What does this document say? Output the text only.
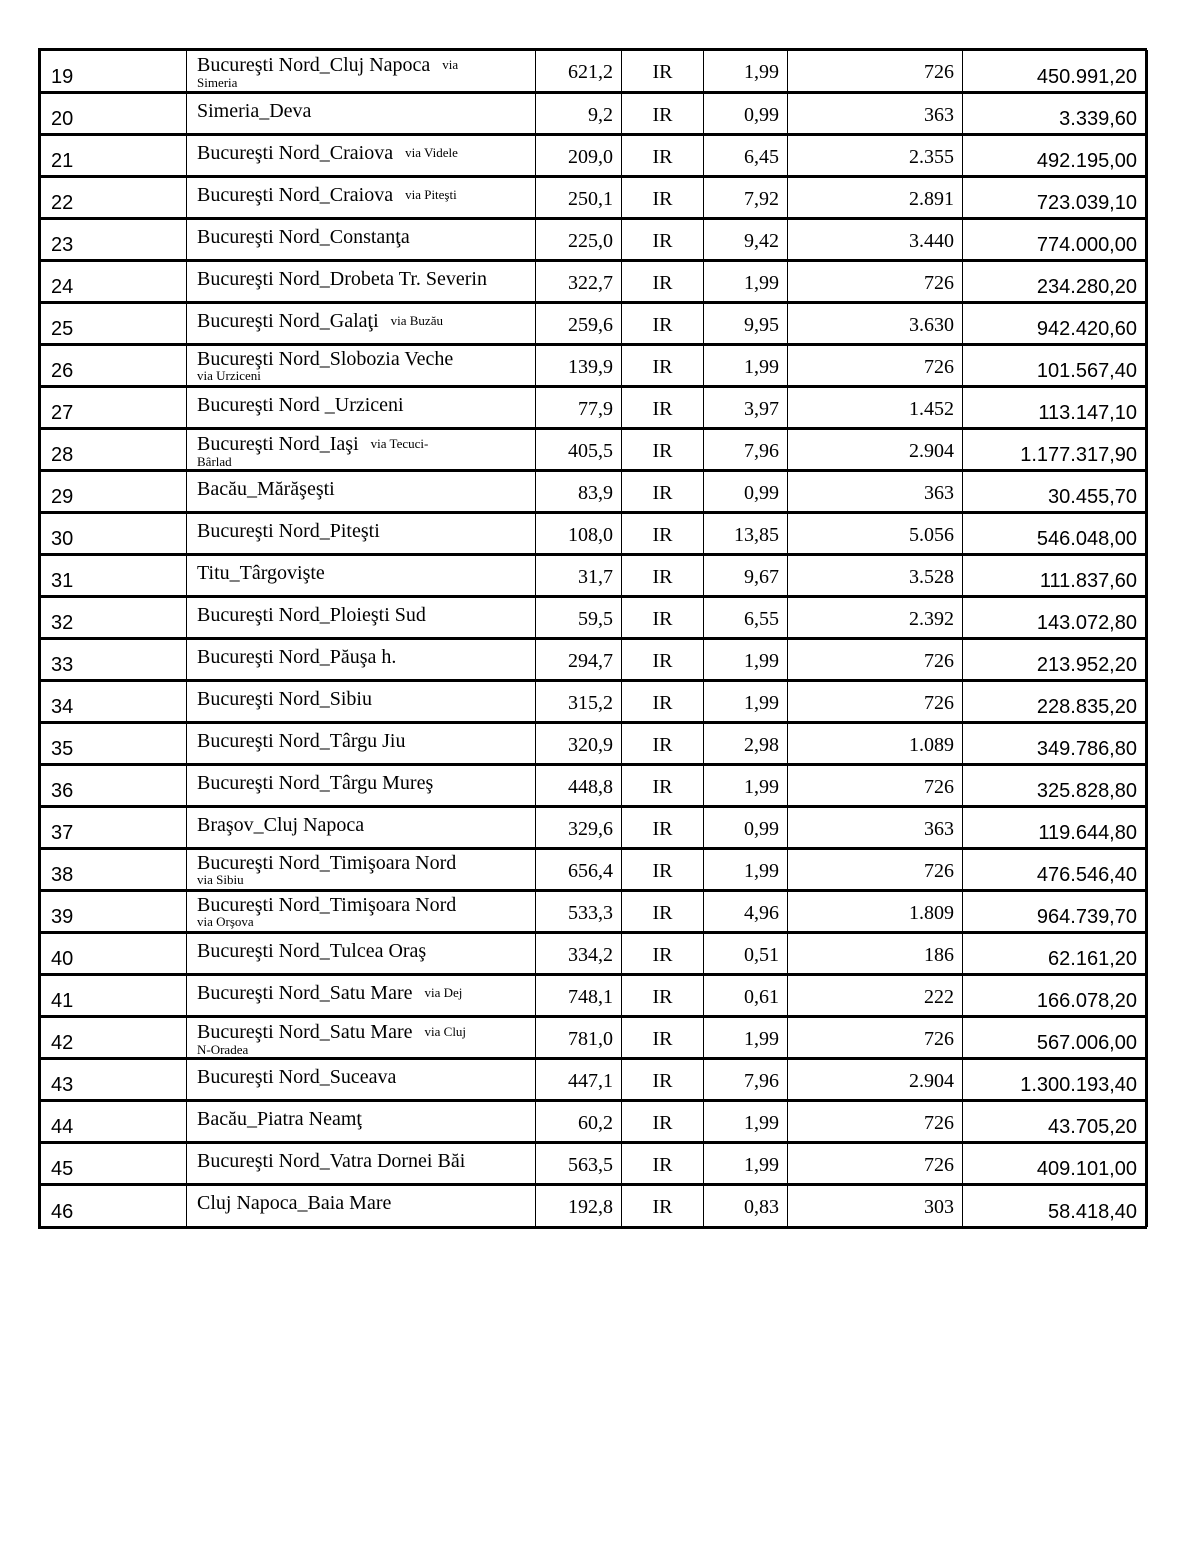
19	Bucureşti Nord_Cluj Napoca via
Simeria	621,2	IR	1,99	726	450.991,20
20	Simeria_Deva	9,2	IR	0,99	363	3.339,60
21	Bucureşti Nord_Craiova via Videle	209,0	IR	6,45	2.355	492.195,00
22	Bucureşti Nord_Craiova via Piteşti	250,1	IR	7,92	2.891	723.039,10
23	Bucureşti Nord_Constanţa	225,0	IR	9,42	3.440	774.000,00
24	Bucureşti Nord_Drobeta Tr. Severin	322,7	IR	1,99	726	234.280,20
25	Bucureşti Nord_Galaţi via Buzău	259,6	IR	9,95	3.630	942.420,60
26	Bucureşti Nord_Slobozia Veche
via Urziceni	139,9	IR	1,99	726	101.567,40
27	Bucureşti Nord _Urziceni	77,9	IR	3,97	1.452	113.147,10
28	Bucureşti Nord_Iaşi via Tecuci-
Bârlad	405,5	IR	7,96	2.904	1.177.317,90
29	Bacău_Mărăşeşti	83,9	IR	0,99	363	30.455,70
30	Bucureşti Nord_Piteşti	108,0	IR	13,85	5.056	546.048,00
31	Titu_Târgovişte	31,7	IR	9,67	3.528	111.837,60
32	Bucureşti Nord_Ploieşti Sud	59,5	IR	6,55	2.392	143.072,80
33	Bucureşti Nord_Păuşa h.	294,7	IR	1,99	726	213.952,20
34	Bucureşti Nord_Sibiu	315,2	IR	1,99	726	228.835,20
35	Bucureşti Nord_Târgu Jiu	320,9	IR	2,98	1.089	349.786,80
36	Bucureşti Nord_Târgu Mureş	448,8	IR	1,99	726	325.828,80
37	Braşov_Cluj Napoca	329,6	IR	0,99	363	119.644,80
38	Bucureşti Nord_Timişoara Nord
via Sibiu	656,4	IR	1,99	726	476.546,40
39	Bucureşti Nord_Timişoara Nord
via Orşova	533,3	IR	4,96	1.809	964.739,70
40	Bucureşti Nord_Tulcea Oraş	334,2	IR	0,51	186	62.161,20
41	Bucureşti Nord_Satu Mare via Dej	748,1	IR	0,61	222	166.078,20
42	Bucureşti Nord_Satu Mare via Cluj
N-Oradea	781,0	IR	1,99	726	567.006,00
43	Bucureşti Nord_Suceava	447,1	IR	7,96	2.904	1.300.193,40
44	Bacău_Piatra Neamţ	60,2	IR	1,99	726	43.705,20
45	Bucureşti Nord_Vatra Dornei Băi	563,5	IR	1,99	726	409.101,00
46	Cluj Napoca_Baia Mare	192,8	IR	0,83	303	58.418,40
